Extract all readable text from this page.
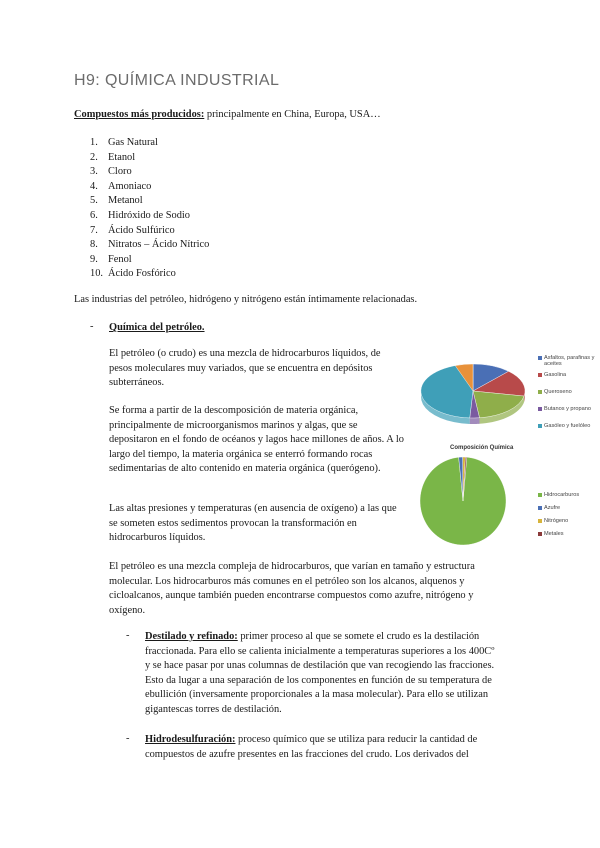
H9: QUÍMICA INDUSTRIAL
Compuestos más producidos: principalmente en China, Europa, USA…
1. Gas Natural
2. Etanol
3. Cloro
4. Amoniaco
5. Metanol
6. Hidróxido de Sodio
7. Ácido Sulfúrico
8. Nitratos – Ácido Nítrico
9. Fenol
10. Ácido Fosfórico
Las industrias del petróleo, hidrógeno y nitrógeno están íntimamente relacionadas.
- Química del petróleo.
El petróleo (o crudo) es una mezcla de hidrocarburos líquidos, de pesos moleculares muy variados, que se encuentra en depósitos subterráneos.
Se forma a partir de la descomposición de materia orgánica, principalmente de microorganismos marinos y algas, que se depositaron en el fondo de océanos y lagos hace millones de años. A lo largo del tiempo, la materia orgánica se enterró formando rocas sedimentarias de alto contenido en materia orgánica (querógeno).
Las altas presiones y temperaturas (en ausencia de oxígeno) a las que se someten estos sedimentos provocan la transformación en hidrocarburos líquidos.
El petróleo es una mezcla compleja de hidrocarburos, que varían en tamaño y estructura molecular. Los hidrocarburos más comunes en el petróleo son los alcanos, alquenos y cicloalcanos, aunque también pueden encontrarse compuestos como azufre, nitrógeno y oxígeno.
- Destilado y refinado: primer proceso al que se somete el crudo es la destilación fraccionada. Para ello se calienta inicialmente a temperaturas superiores a los 400Cº y se hace pasar por unas columnas de destilación que van recogiendo las fracciones. Esto da lugar a una separación de los componentes en función de su temperatura de ebullición (inversamente proporcionales a la masa molecular). Para ello se utilizan gigantescas torres de destilación.
- Hidrodesulfuración: proceso químico que se utiliza para reducir la cantidad de compuestos de azufre presentes en las fracciones del crudo. Los derivados del
Asfaltos, parafinas y aceites
Gasolina
Queroseno
Butanos y propano
Gasóleo y fuelóleo
Composición Química
Hidrocarburos
Azufre
Nitrógeno
Metales
